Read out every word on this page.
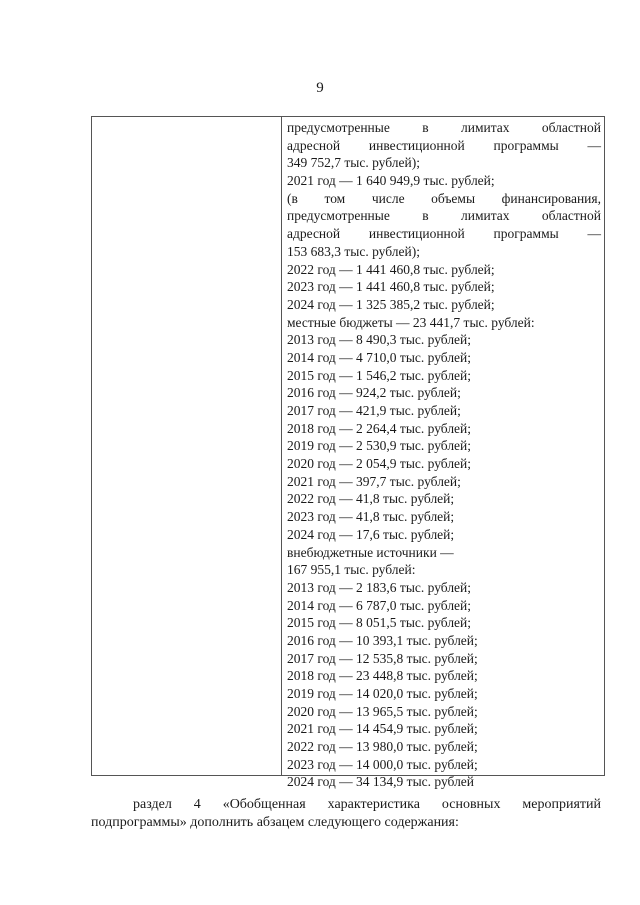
9
предусмотренные в лимитах областной
адресной инвестиционной программы —
349 752,7 тыс. рублей);
2021 год — 1 640 949,9 тыс. рублей;
(в том числе объемы финансирования,
предусмотренные в лимитах областной
адресной инвестиционной программы —
153 683,3 тыс. рублей);
2022 год — 1 441 460,8 тыс. рублей;
2023 год — 1 441 460,8 тыс. рублей;
2024 год — 1 325 385,2 тыс. рублей;
местные бюджеты — 23 441,7 тыс. рублей:
2013 год — 8 490,3 тыс. рублей;
2014 год — 4 710,0 тыс. рублей;
2015 год — 1 546,2 тыс. рублей;
2016 год — 924,2 тыс. рублей;
2017 год — 421,9 тыс. рублей;
2018 год — 2 264,4 тыс. рублей;
2019 год — 2 530,9 тыс. рублей;
2020 год — 2 054,9 тыс. рублей;
2021 год — 397,7 тыс. рублей;
2022 год — 41,8 тыс. рублей;
2023 год — 41,8 тыс. рублей;
2024 год — 17,6 тыс. рублей;
внебюджетные источники —
167 955,1 тыс. рублей:
2013 год — 2 183,6 тыс. рублей;
2014 год — 6 787,0 тыс. рублей;
2015 год — 8 051,5 тыс. рублей;
2016 год — 10 393,1 тыс. рублей;
2017 год — 12 535,8 тыс. рублей;
2018 год — 23 448,8 тыс. рублей;
2019 год — 14 020,0 тыс. рублей;
2020 год — 13 965,5 тыс. рублей;
2021 год — 14 454,9 тыс. рублей;
2022 год — 13 980,0 тыс. рублей;
2023 год — 14 000,0 тыс. рублей;
2024 год — 34 134,9 тыс. рублей
раздел 4 «Обобщенная характеристика основных мероприятий
подпрограммы» дополнить абзацем следующего содержания:
